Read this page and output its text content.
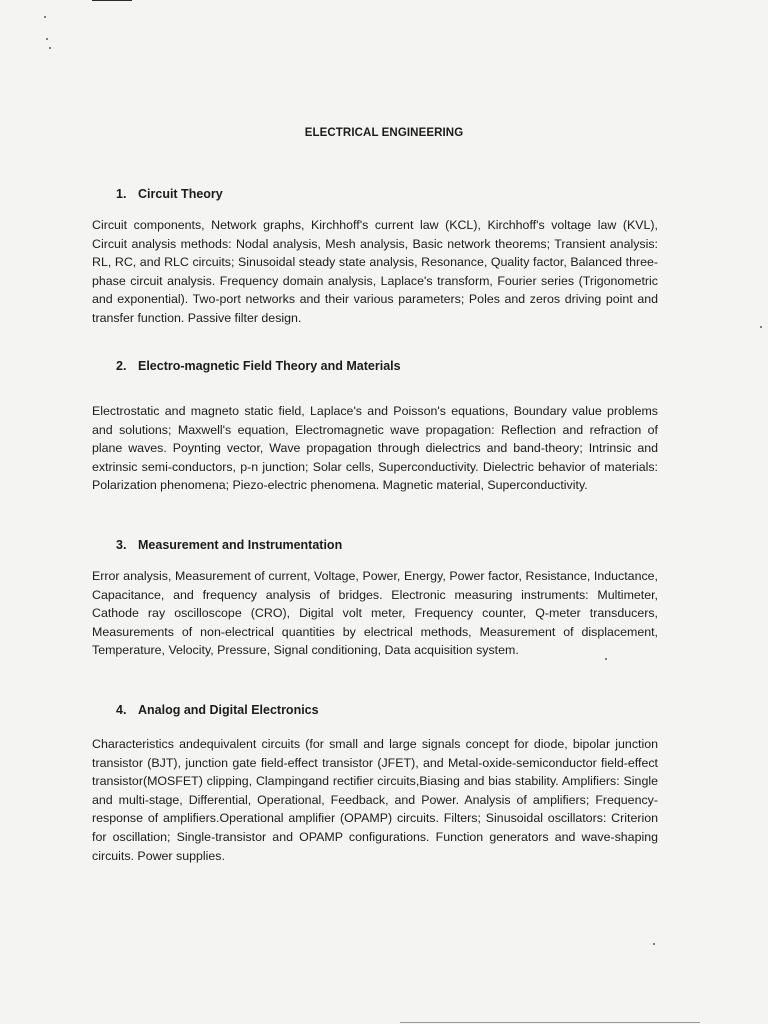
ELECTRICAL ENGINEERING
1. Circuit Theory
Circuit components, Network graphs, Kirchhoff's current law (KCL), Kirchhoff's voltage law (KVL), Circuit analysis methods: Nodal analysis, Mesh analysis, Basic network theorems; Transient analysis: RL, RC, and RLC circuits; Sinusoidal steady state analysis, Resonance, Quality factor, Balanced three-phase circuit analysis. Frequency domain analysis, Laplace's transform, Fourier series (Trigonometric and exponential). Two-port networks and their various parameters; Poles and zeros driving point and transfer function. Passive filter design.
2. Electro-magnetic Field Theory and Materials
Electrostatic and magneto static field, Laplace's and Poisson's equations, Boundary value problems and solutions; Maxwell's equation, Electromagnetic wave propagation: Reflection and refraction of plane waves. Poynting vector, Wave propagation through dielectrics and band-theory; Intrinsic and extrinsic semi-conductors, p-n junction; Solar cells, Superconductivity. Dielectric behavior of materials: Polarization phenomena; Piezo-electric phenomena. Magnetic material, Superconductivity.
3. Measurement and Instrumentation
Error analysis, Measurement of current, Voltage, Power, Energy, Power factor, Resistance, Inductance, Capacitance, and frequency analysis of bridges. Electronic measuring instruments: Multimeter, Cathode ray oscilloscope (CRO), Digital volt meter, Frequency counter, Q-meter transducers, Measurements of non-electrical quantities by electrical methods, Measurement of displacement, Temperature, Velocity, Pressure, Signal conditioning, Data acquisition system.
4. Analog and Digital Electronics
Characteristics andequivalent circuits (for small and large signals concept for diode, bipolar junction transistor (BJT), junction gate field-effect transistor (JFET), and Metal-oxide-semiconductor field-effect transistor(MOSFET) clipping, Clampingand rectifier circuits,Biasing and bias stability. Amplifiers: Single and multi-stage, Differential, Operational, Feedback, and Power. Analysis of amplifiers; Frequency-response of amplifiers.Operational amplifier (OPAMP) circuits. Filters; Sinusoidal oscillators: Criterion for oscillation; Single-transistor and OPAMP configurations. Function generators and wave-shaping circuits. Power supplies.
